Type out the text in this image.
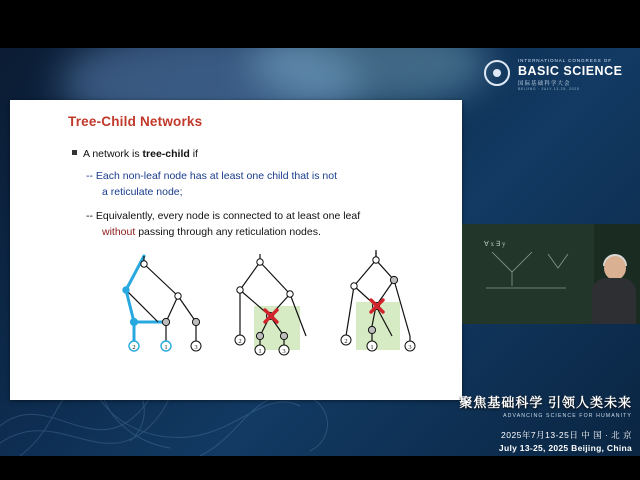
INTERNATIONAL CONGRESS OF
BASIC SCIENCE
国际基础科学大会
BEIJING · JULY 13-25, 2025
Tree-Child Networks
A network is tree-child if
-- Each non-leaf node has at least one child that is not
a reticulate node;
-- Equivalently, every node is connected to at least one leaf
without passing through any reticulation nodes.
2	1	3
2
1	3
2
1	3
∀ x ∃ y
聚焦基础科学 引领人类未来
ADVANCING SCIENCE FOR HUMANITY
2025年7月13-25日 中 国 · 北 京
July 13-25, 2025 Beijing, China
